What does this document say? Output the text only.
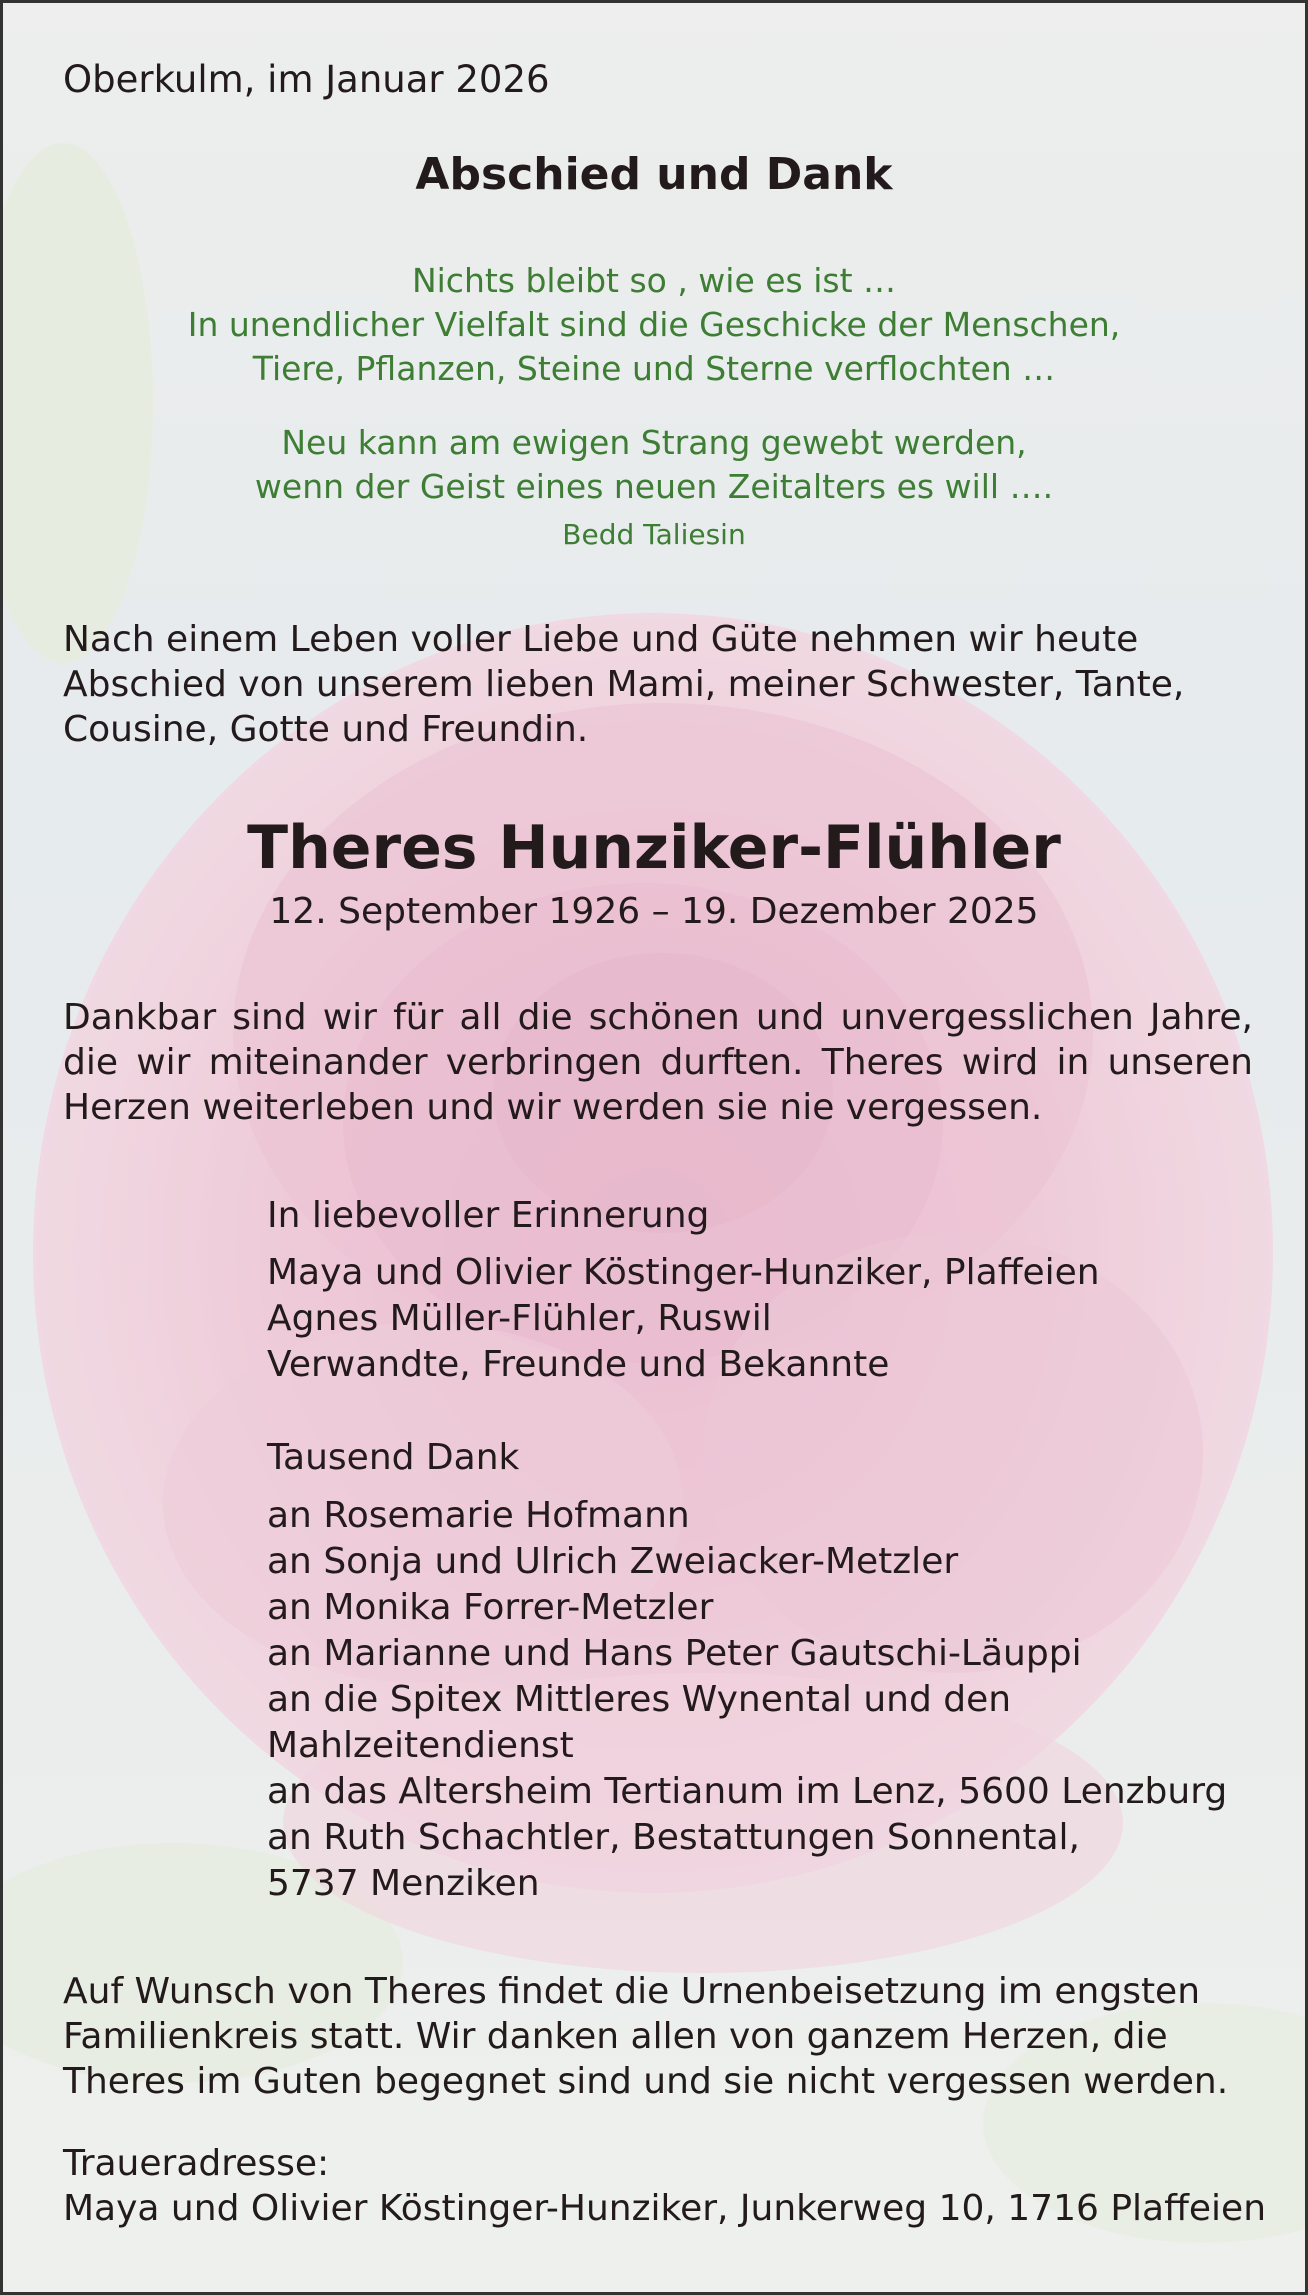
Oberkulm, im Januar 2026

Abschied und Dank
Nichts bleibt so , wie es ist …
In unendlicher Vielfalt sind die Geschicke der Menschen,
Tiere, Pflanzen, Steine und Sterne verflochten …
Neu kann am ewigen Strang gewebt werden,
wenn der Geist eines neuen Zeitalters es will ….
Bedd Taliesin
Nach einem Leben voller Liebe und Güte nehmen wir heute
Abschied von unserem lieben Mami, meiner Schwester, Tante,
Cousine, Gotte und Freundin.
Theres Hunziker-Flühler
12. September 1926 – 19. Dezember 2025
Dankbar sind wir für all die schönen und unvergesslichen Jahre,
die wir miteinander verbringen durften. Theres wird in unseren
Herzen weiterleben und wir werden sie nie vergessen.
In liebevoller Erinnerung
Maya und Olivier Köstinger-Hunziker, Plaffeien
Agnes Müller-Flühler, Ruswil
Verwandte, Freunde und Bekannte
Tausend Dank
an Rosemarie Hofmann
an Sonja und Ulrich Zweiacker-Metzler
an Monika Forrer-Metzler
an Marianne und Hans Peter Gautschi-Läuppi
an die Spitex Mittleres Wynental und den
Mahlzeitendienst
an das Altersheim Tertianum im Lenz, 5600 Lenzburg
an Ruth Schachtler, Bestattungen Sonnental,
5737 Menziken
Auf Wunsch von Theres findet die Urnenbeisetzung im engsten
Familienkreis statt. Wir danken allen von ganzem Herzen, die
Theres im Guten begegnet sind und sie nicht vergessen werden.
Traueradresse:
Maya und Olivier Köstinger-Hunziker, Junkerweg 10, 1716 Plaffeien
